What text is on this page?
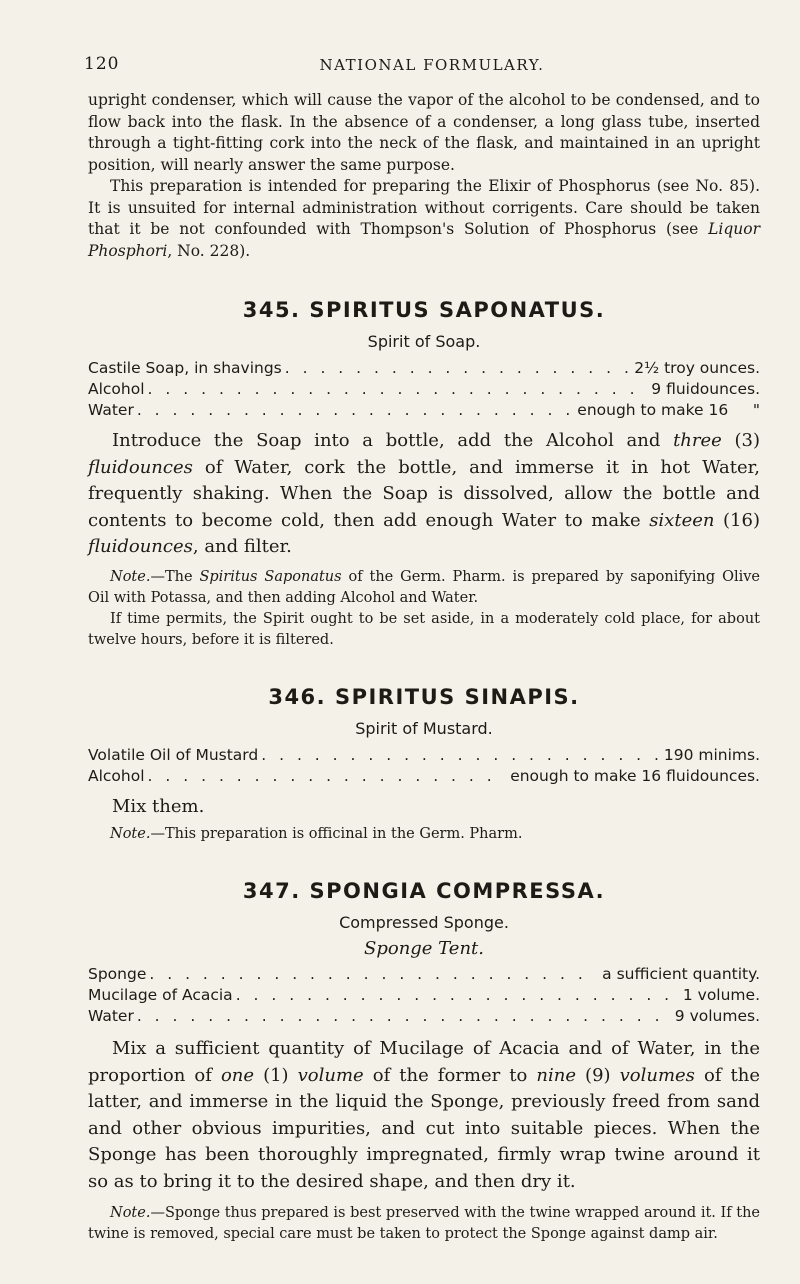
120	NATIONAL FORMULARY.

upright condenser, which will cause the vapor of the alcohol to be condensed, and to flow back into the flask. In the absence of a condenser, a long glass tube, inserted through a tight-fitting cork into the neck of the flask, and maintained in an upright position, will nearly answer the same purpose.

This preparation is intended for preparing the Elixir of Phosphorus (see No. 85). It is unsuited for internal administration without corrigents. Care should be taken that it be not confounded with Thompson's Solution of Phosphorus (see Liquor Phosphori, No. 228).

345. SPIRITUS SAPONATUS.
Spirit of Soap.
Castile Soap, in shavings . . .	2½ troy ounces.
Alcohol . . .	9 fluidounces.
Water . . .	enough to make 16     "

Introduce the Soap into a bottle, add the Alcohol and three (3) fluidounces of Water, cork the bottle, and immerse it in hot Water, frequently shaking. When the Soap is dissolved, allow the bottle and contents to become cold, then add enough Water to make sixteen (16) fluidounces, and filter.

Note.—The Spiritus Saponatus of the Germ. Pharm. is prepared by saponifying Olive Oil with Potassa, and then adding Alcohol and Water.

If time permits, the Spirit ought to be set aside, in a moderately cold place, for about twelve hours, before it is filtered.

346. SPIRITUS SINAPIS.
Spirit of Mustard.
Volatile Oil of Mustard . . .	190 minims.
Alcohol . . .	enough to make 16 fluidounces.

Mix them.

Note.—This preparation is officinal in the Germ. Pharm.

347. SPONGIA COMPRESSA.
Compressed Sponge.
Sponge Tent.
Sponge . . .	a sufficient quantity.
Mucilage of Acacia . . .	1 volume.
Water . . .	9 volumes.

Mix a sufficient quantity of Mucilage of Acacia and of Water, in the proportion of one (1) volume of the former to nine (9) volumes of the latter, and immerse in the liquid the Sponge, previously freed from sand and other obvious impurities, and cut into suitable pieces. When the Sponge has been thoroughly impregnated, firmly wrap twine around it so as to bring it to the desired shape, and then dry it.

Note.—Sponge thus prepared is best preserved with the twine wrapped around it. If the twine is removed, special care must be taken to protect the Sponge against damp air.
